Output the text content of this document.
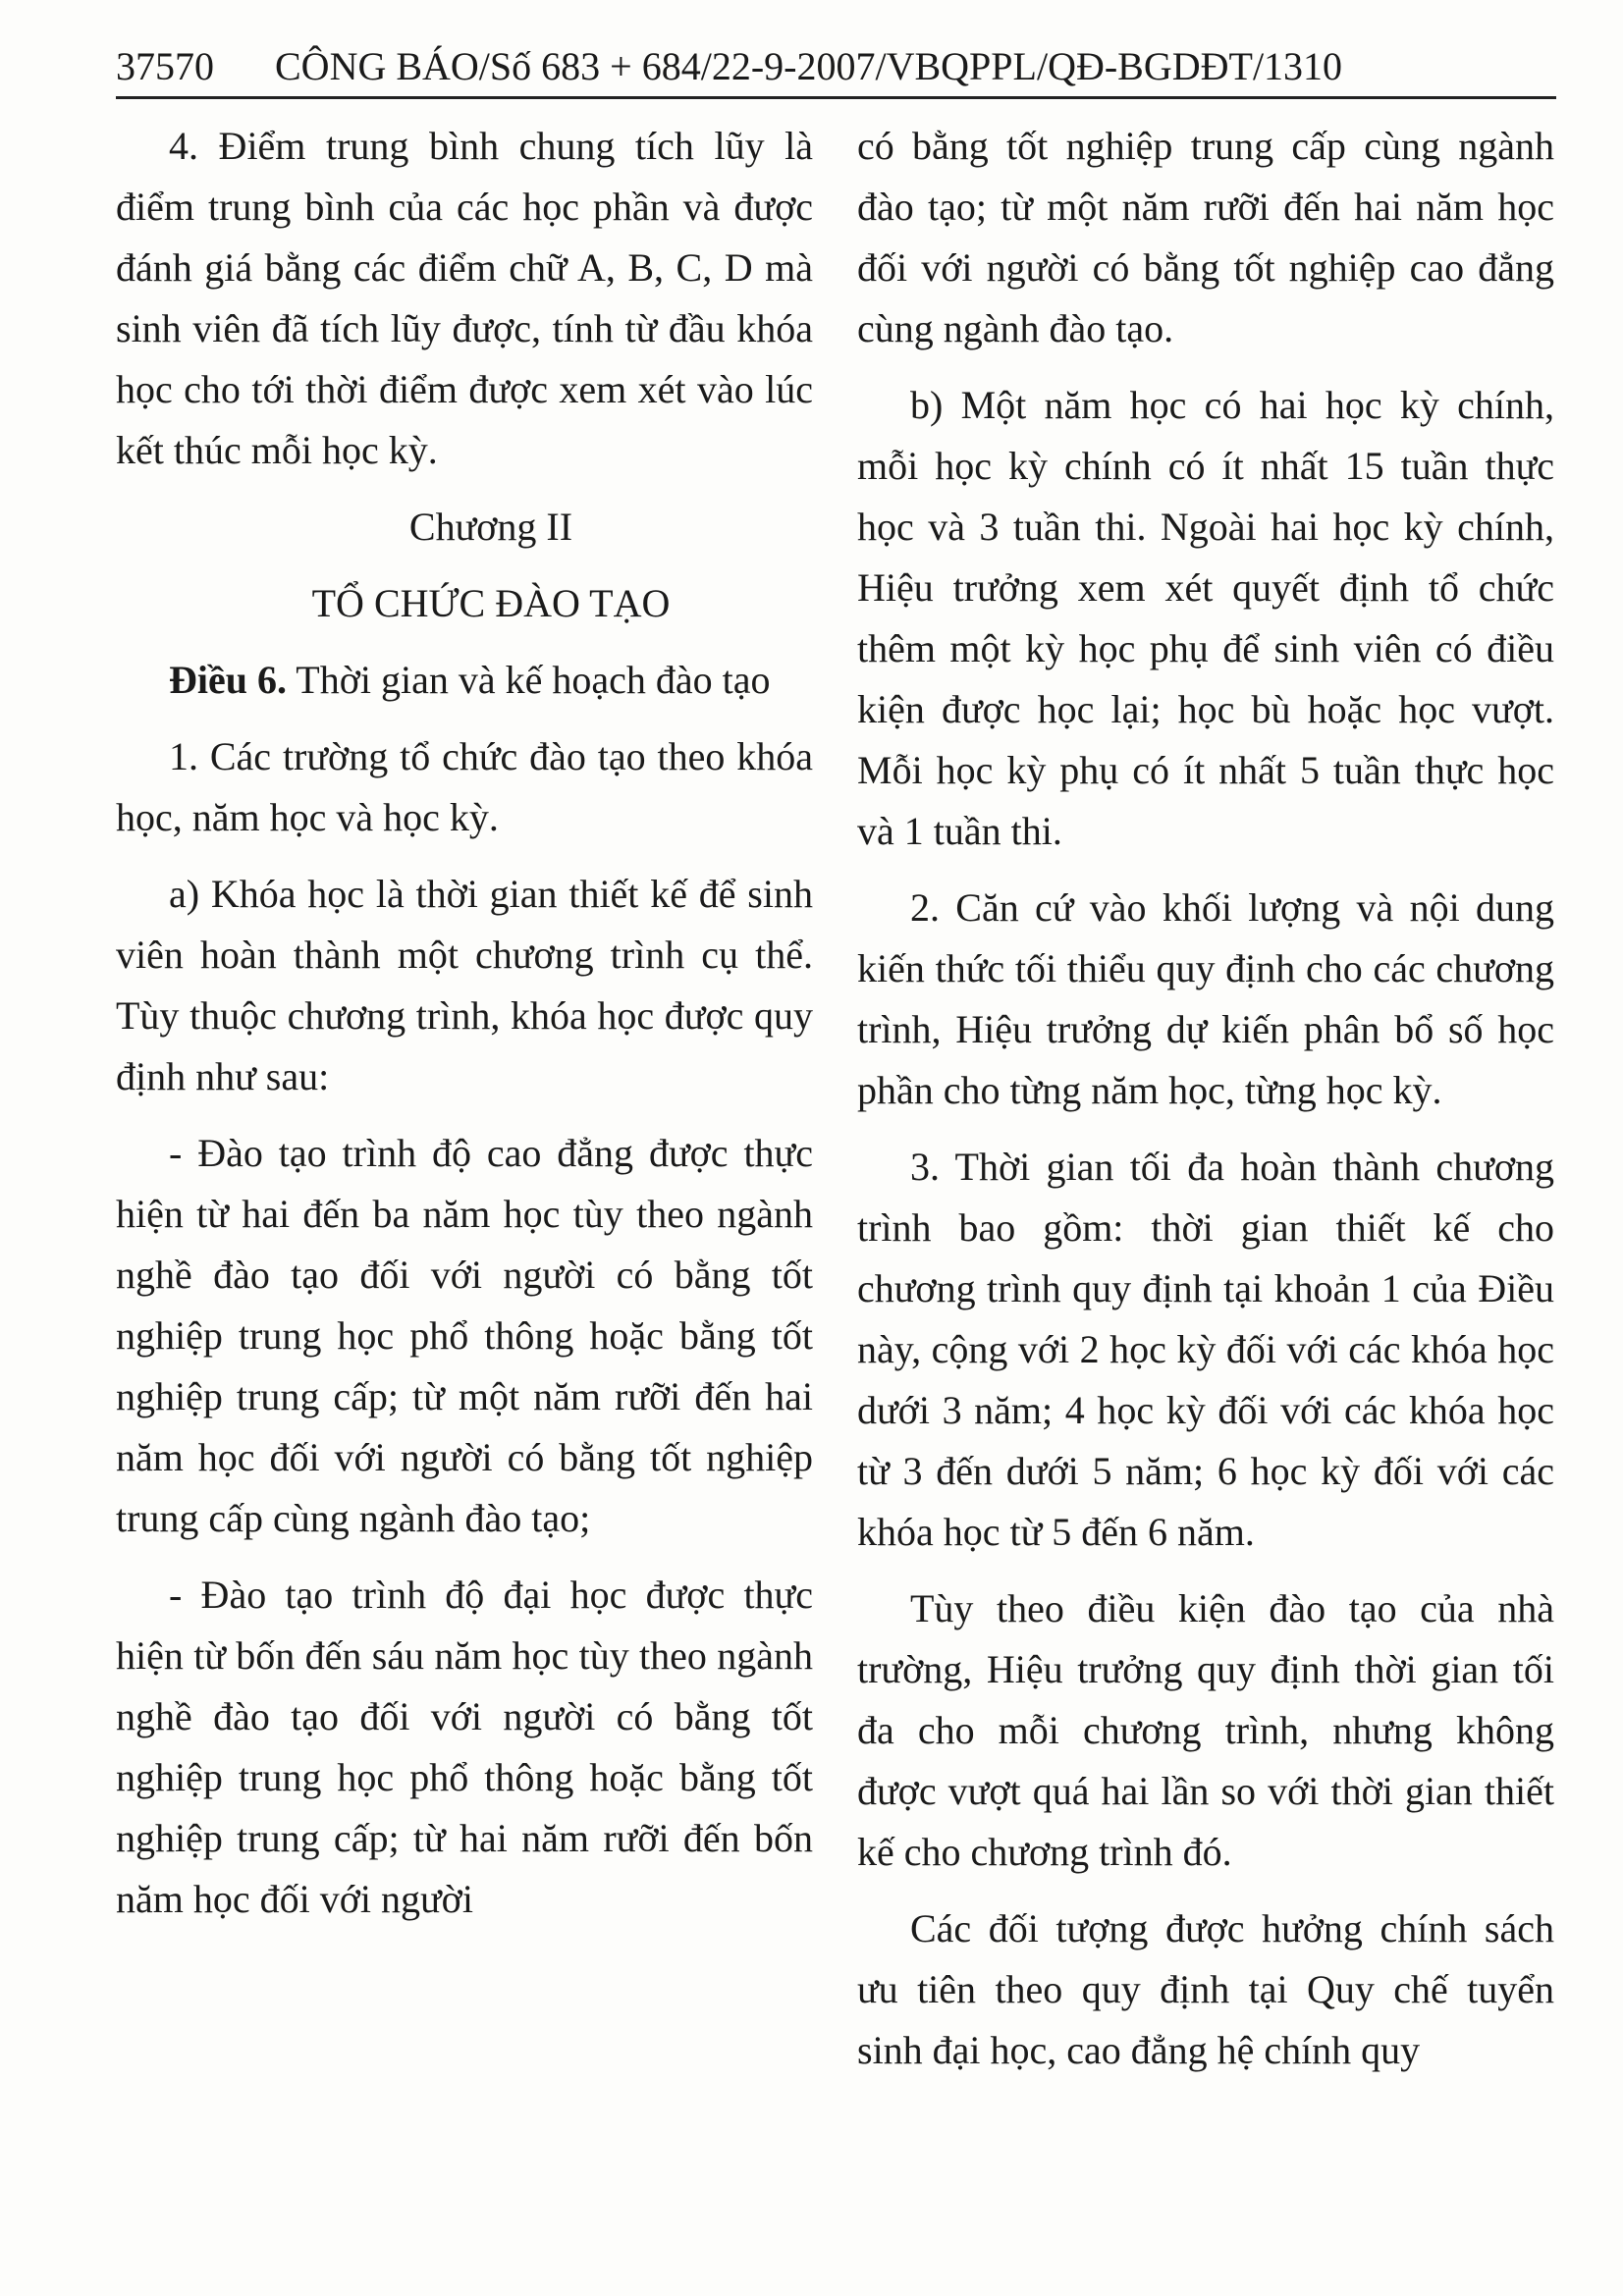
37570 CÔNG BÁO/Số 683 + 684/22-9-2007/VBQPPL/QĐ-BGDĐT/1310

4. Điểm trung bình chung tích lũy là điểm trung bình của các học phần và được đánh giá bằng các điểm chữ A, B, C, D mà sinh viên đã tích lũy được, tính từ đầu khóa học cho tới thời điểm được xem xét vào lúc kết thúc mỗi học kỳ.

Chương II

TỔ CHỨC ĐÀO TẠO

Điều 6. Thời gian và kế hoạch đào tạo

1. Các trường tổ chức đào tạo theo khóa học, năm học và học kỳ.

a) Khóa học là thời gian thiết kế để sinh viên hoàn thành một chương trình cụ thể. Tùy thuộc chương trình, khóa học được quy định như sau:

- Đào tạo trình độ cao đẳng được thực hiện từ hai đến ba năm học tùy theo ngành nghề đào tạo đối với người có bằng tốt nghiệp trung học phổ thông hoặc bằng tốt nghiệp trung cấp; từ một năm rưỡi đến hai năm học đối với người có bằng tốt nghiệp trung cấp cùng ngành đào tạo;

- Đào tạo trình độ đại học được thực hiện từ bốn đến sáu năm học tùy theo ngành nghề đào tạo đối với người có bằng tốt nghiệp trung học phổ thông hoặc bằng tốt nghiệp trung cấp; từ hai năm rưỡi đến bốn năm học đối với người

có bằng tốt nghiệp trung cấp cùng ngành đào tạo; từ một năm rưỡi đến hai năm học đối với người có bằng tốt nghiệp cao đẳng cùng ngành đào tạo.

b) Một năm học có hai học kỳ chính, mỗi học kỳ chính có ít nhất 15 tuần thực học và 3 tuần thi. Ngoài hai học kỳ chính, Hiệu trưởng xem xét quyết định tổ chức thêm một kỳ học phụ để sinh viên có điều kiện được học lại; học bù hoặc học vượt. Mỗi học kỳ phụ có ít nhất 5 tuần thực học và 1 tuần thi.

2. Căn cứ vào khối lượng và nội dung kiến thức tối thiểu quy định cho các chương trình, Hiệu trưởng dự kiến phân bổ số học phần cho từng năm học, từng học kỳ.

3. Thời gian tối đa hoàn thành chương trình bao gồm: thời gian thiết kế cho chương trình quy định tại khoản 1 của Điều này, cộng với 2 học kỳ đối với các khóa học dưới 3 năm; 4 học kỳ đối với các khóa học từ 3 đến dưới 5 năm; 6 học kỳ đối với các khóa học từ 5 đến 6 năm.

Tùy theo điều kiện đào tạo của nhà trường, Hiệu trưởng quy định thời gian tối đa cho mỗi chương trình, nhưng không được vượt quá hai lần so với thời gian thiết kế cho chương trình đó.

Các đối tượng được hưởng chính sách ưu tiên theo quy định tại Quy chế tuyển sinh đại học, cao đẳng hệ chính quy
